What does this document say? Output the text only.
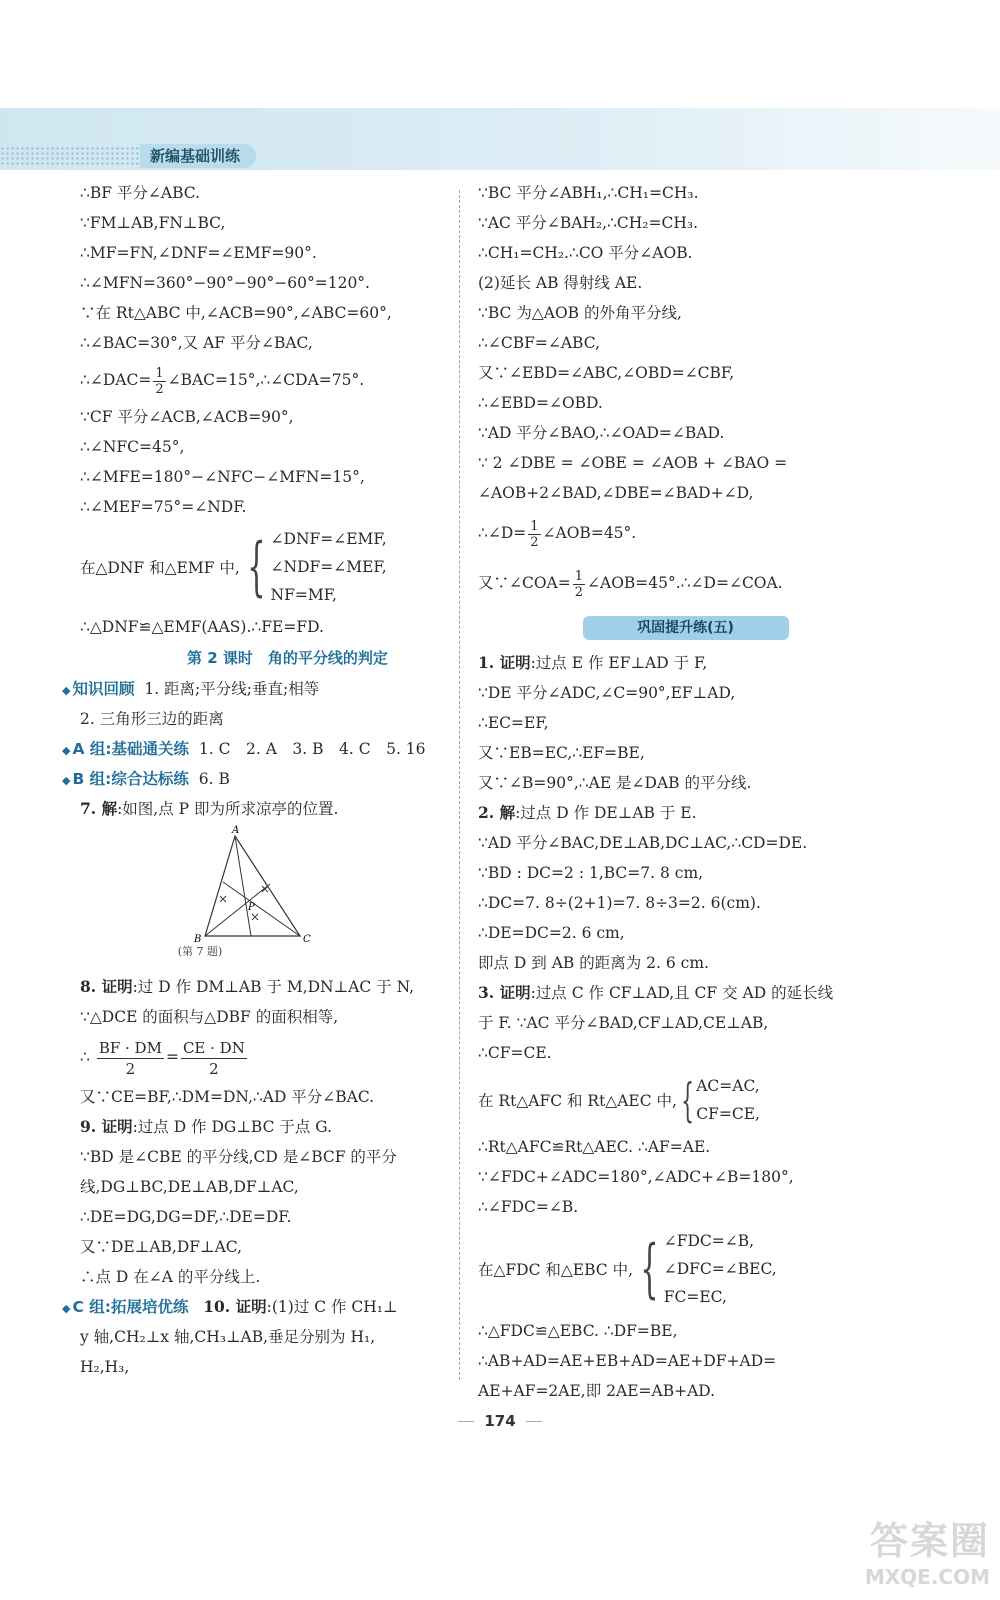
新编基础训练
∴BF 平分∠ABC.
∵FM⊥AB,FN⊥BC,
∴MF=FN,∠DNF=∠EMF=90°.
∴∠MFN=360°−90°−90°−60°=120°.
∵在 Rt△ABC 中,∠ACB=90°,∠ABC=60°,
∴∠BAC=30°,又 AF 平分∠BAC,
∴∠DAC= $\frac{1}{2}$ ∠BAC=15°,∴∠CDA=75°.
∵CF 平分∠ACB,∠ACB=90°,
∴∠NFC=45°,
∴∠MFE=180°−∠NFC−∠MFN=15°,
∴∠MEF=75°=∠NDF.
在△DNF 和△EMF 中, { ∠DNF=∠EMF,
∠NDF=∠MEF,
NF=MF,
∴△DNF≌△EMF(AAS).∴FE=FD.
第 2 课时　角的平分线的判定
◆ 知识回顾 1. 距离;平分线;垂直;相等
2. 三角形三边的距离
◆ A 组:基础通关练 1. C　2. A　3. B　4. C　5. 16
◆ B 组:综合达标练 6. B
7. 解:如图,点 P 即为所求凉亭的位置.
A
B	C
P
(第 7 题)
8. 证明:过 D 作 DM⊥AB 于 M,DN⊥AC 于 N,
∵△DCE 的面积与△DBF 的面积相等,
∴ $\frac{BF \cdot DM}{2} = \frac{CE \cdot DN}{2}$
又∵CE=BF,∴DM=DN,∴AD 平分∠BAC.
9. 证明:过点 D 作 DG⊥BC 于点 G.
∵BD 是∠CBE 的平分线,CD 是∠BCF 的平分
线,DG⊥BC,DE⊥AB,DF⊥AC,
∴DE=DG,DG=DF,∴DE=DF.
又∵DE⊥AB,DF⊥AC,
∴点 D 在∠A 的平分线上.
◆ C 组:拓展培优练 10. 证明:(1)过 C 作 CH₁⊥
y 轴,CH₂⊥x 轴,CH₃⊥AB,垂足分别为 H₁,
H₂,H₃,
∵BC 平分∠ABH₁,∴CH₁=CH₃.
∵AC 平分∠BAH₂,∴CH₂=CH₃.
∴CH₁=CH₂.∴CO 平分∠AOB.
(2)延长 AB 得射线 AE.
∵BC 为△AOB 的外角平分线,
∴∠CBF=∠ABC,
又∵∠EBD=∠ABC,∠OBD=∠CBF,
∴∠EBD=∠OBD.
∵AD 平分∠BAO,∴∠OAD=∠BAD.
∵ 2 ∠DBE = ∠OBE = ∠AOB + ∠BAO =
∠AOB+2∠BAD,∠DBE=∠BAD+∠D,
∴∠D= $\frac{1}{2}$ ∠AOB=45°.
又∵∠COA= $\frac{1}{2}$ ∠AOB=45°.∴∠D=∠COA.
巩固提升练(五)
1. 证明:过点 E 作 EF⊥AD 于 F,
∵DE 平分∠ADC,∠C=90°,EF⊥AD,
∴EC=EF,
又∵EB=EC,∴EF=BE,
又∵∠B=90°,∴AE 是∠DAB 的平分线.
2. 解:过点 D 作 DE⊥AB 于 E.
∵AD 平分∠BAC,DE⊥AB,DC⊥AC,∴CD=DE.
∵BD : DC=2 : 1,BC=7. 8 cm,
∴DC=7. 8÷(2+1)=7. 8÷3=2. 6(cm).
∴DE=DC=2. 6 cm,
即点 D 到 AB 的距离为 2. 6 cm.
3. 证明:过点 C 作 CF⊥AD,且 CF 交 AD 的延长线
于 F. ∵AC 平分∠BAD,CF⊥AD,CE⊥AB,
∴CF=CE.
在 Rt△AFC 和 Rt△AEC 中, { AC=AC,
CF=CE,
∴Rt△AFC≌Rt△AEC. ∴AF=AE.
∵∠FDC+∠ADC=180°,∠ADC+∠B=180°,
∴∠FDC=∠B.
在△FDC 和△EBC 中, { ∠FDC=∠B,
∠DFC=∠BEC,
FC=EC,
∴△FDC≌△EBC. ∴DF=BE,
∴AB+AD=AE+EB+AD=AE+DF+AD=
AE+AF=2AE,即 2AE=AB+AD.
174
答案圈
MXQE.COM
